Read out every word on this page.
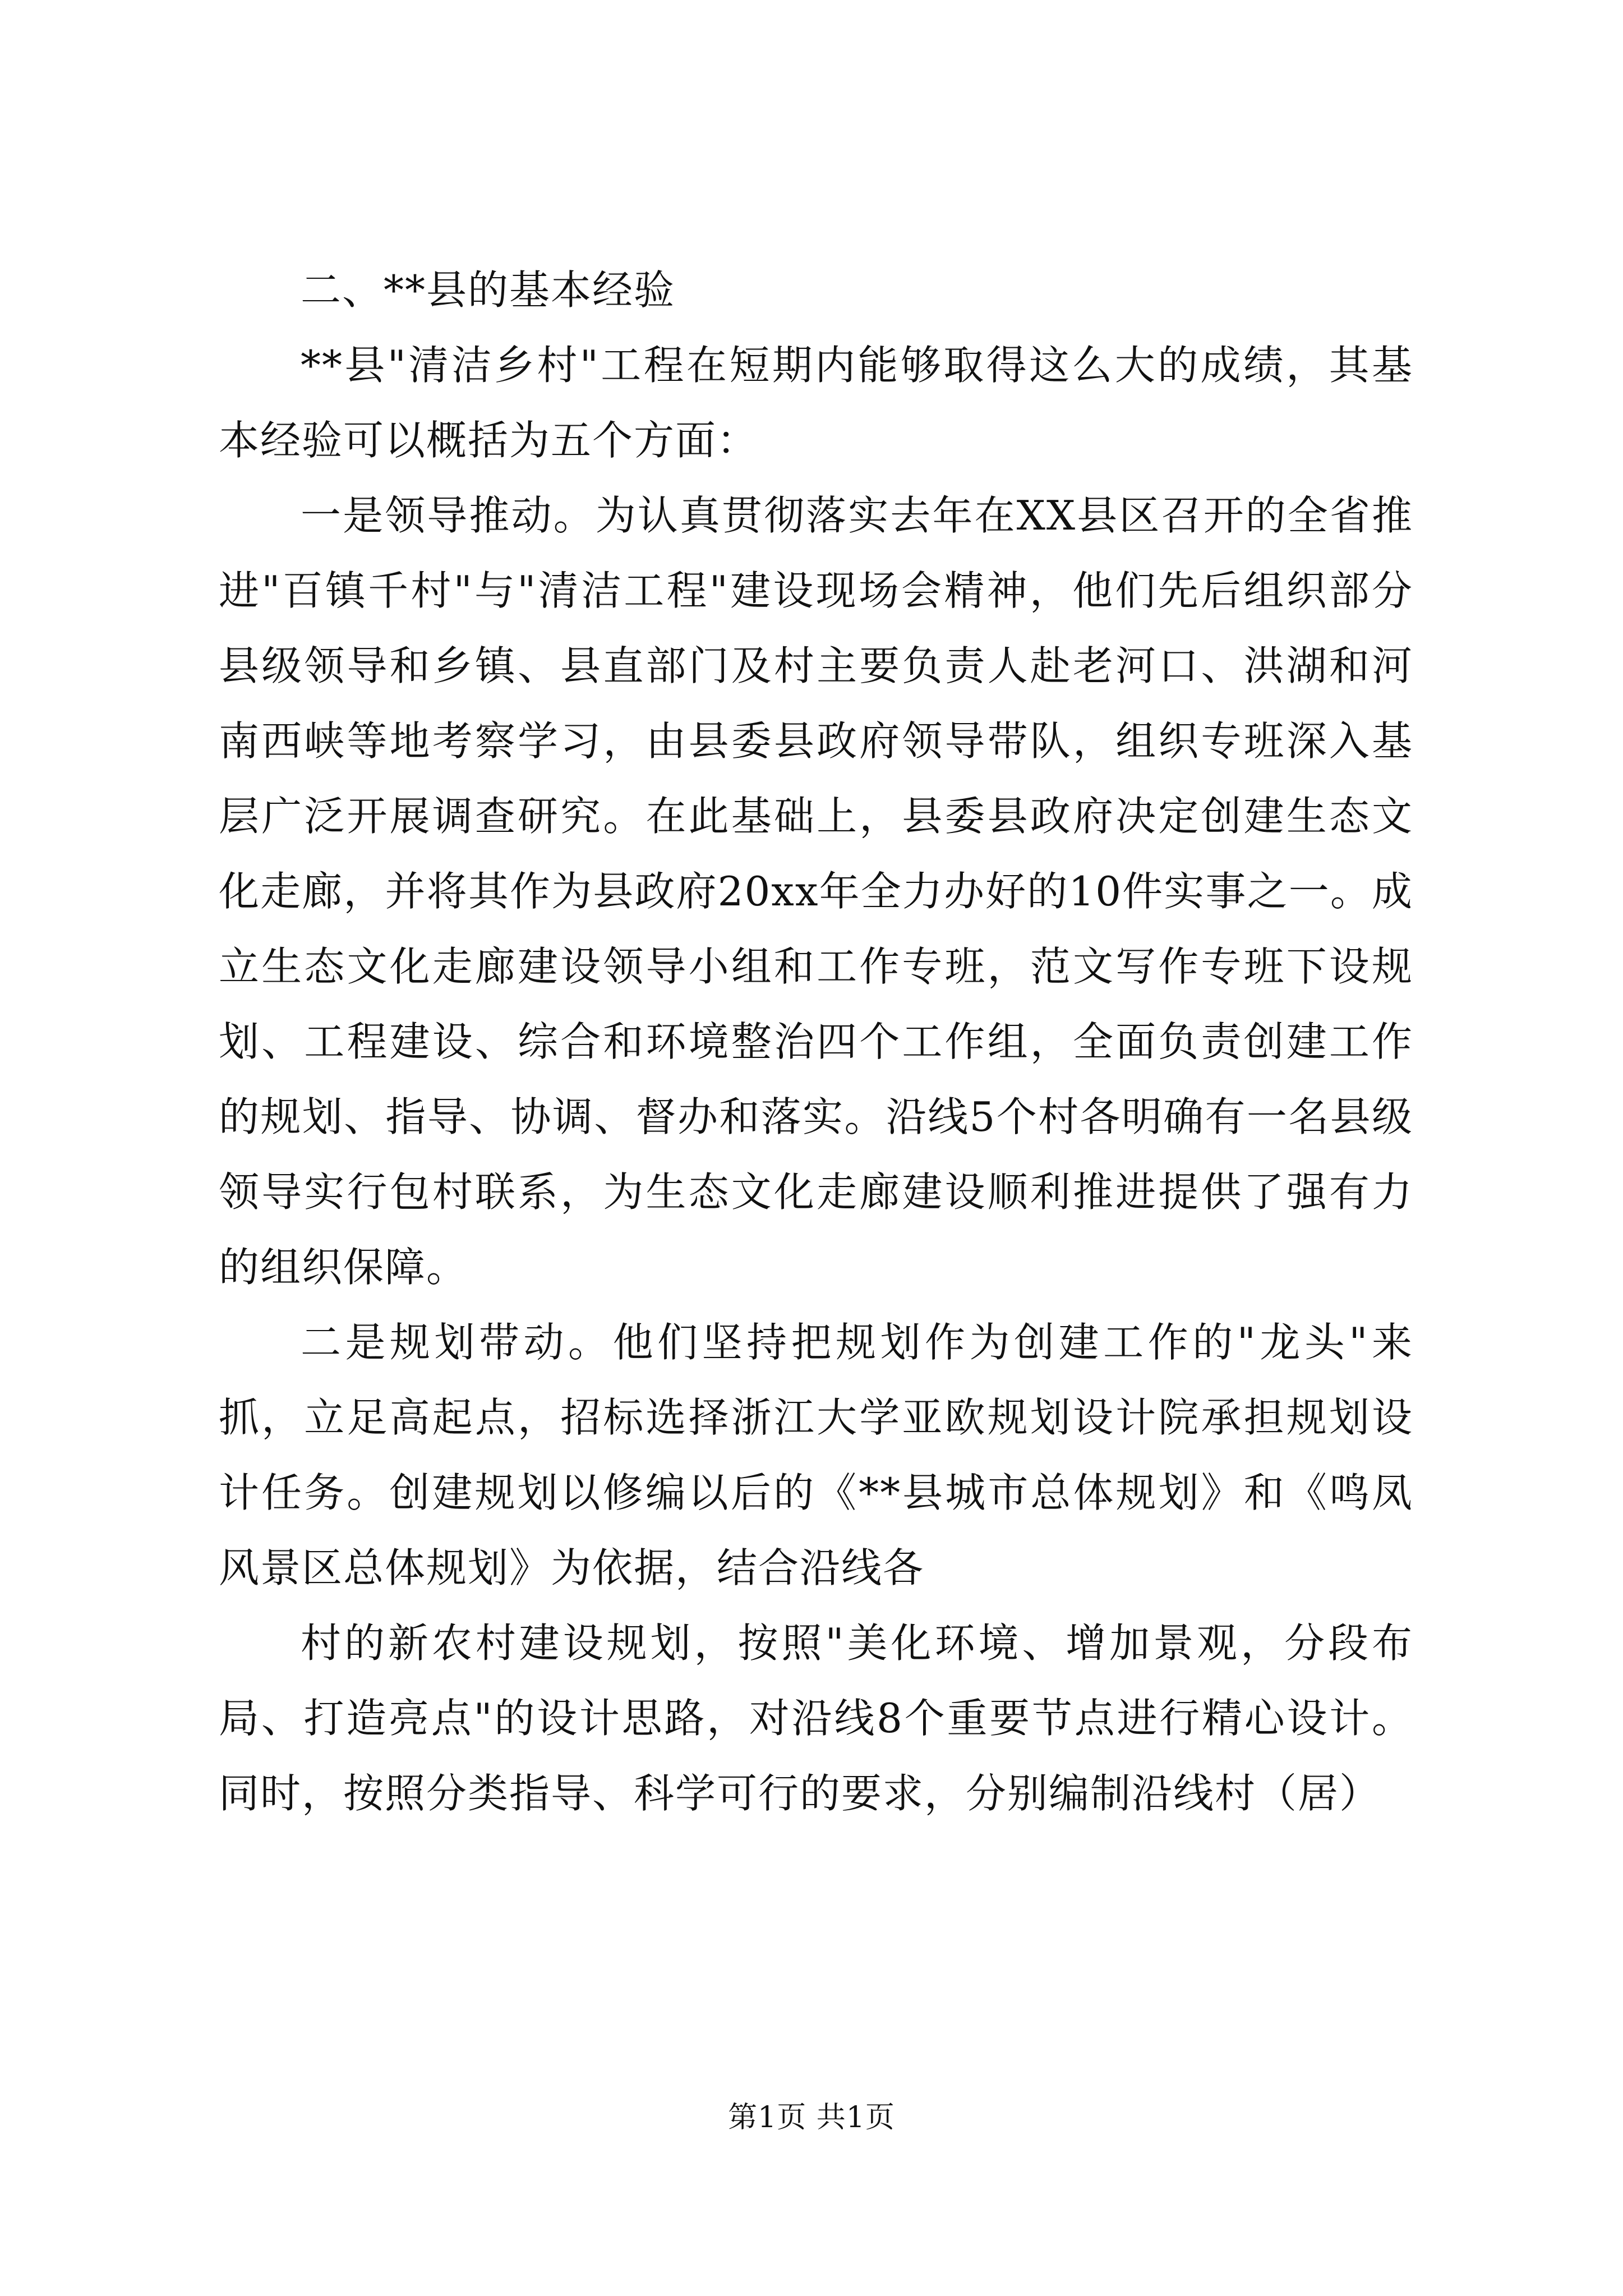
二、**县的基本经验

**县"清洁乡村"工程在短期内能够取得这么大的成绩，其基本经验可以概括为五个方面：

一是领导推动。为认真贯彻落实去年在XX县区召开的全省推进"百镇千村"与"清洁工程"建设现场会精神，他们先后组织部分县级领导和乡镇、县直部门及村主要负责人赴老河口、洪湖和河南西峡等地考察学习，由县委县政府领导带队，组织专班深入基层广泛开展调查研究。在此基础上，县委县政府决定创建生态文化走廊，并将其作为县政府20xx年全力办好的10件实事之一。成立生态文化走廊建设领导小组和工作专班，范文写作专班下设规划、工程建设、综合和环境整治四个工作组，全面负责创建工作的规划、指导、协调、督办和落实。沿线5个村各明确有一名县级领导实行包村联系，为生态文化走廊建设顺利推进提供了强有力的组织保障。

二是规划带动。他们坚持把规划作为创建工作的"龙头"来抓，立足高起点，招标选择浙江大学亚欧规划设计院承担规划设计任务。创建规划以修编以后的《**县城市总体规划》和《鸣凤风景区总体规划》为依据，结合沿线各

村的新农村建设规划，按照"美化环境、增加景观，分段布局、打造亮点"的设计思路，对沿线8个重要节点进行精心设计。同时，按照分类指导、科学可行的要求，分别编制沿线村（居）

第1页 共1页
